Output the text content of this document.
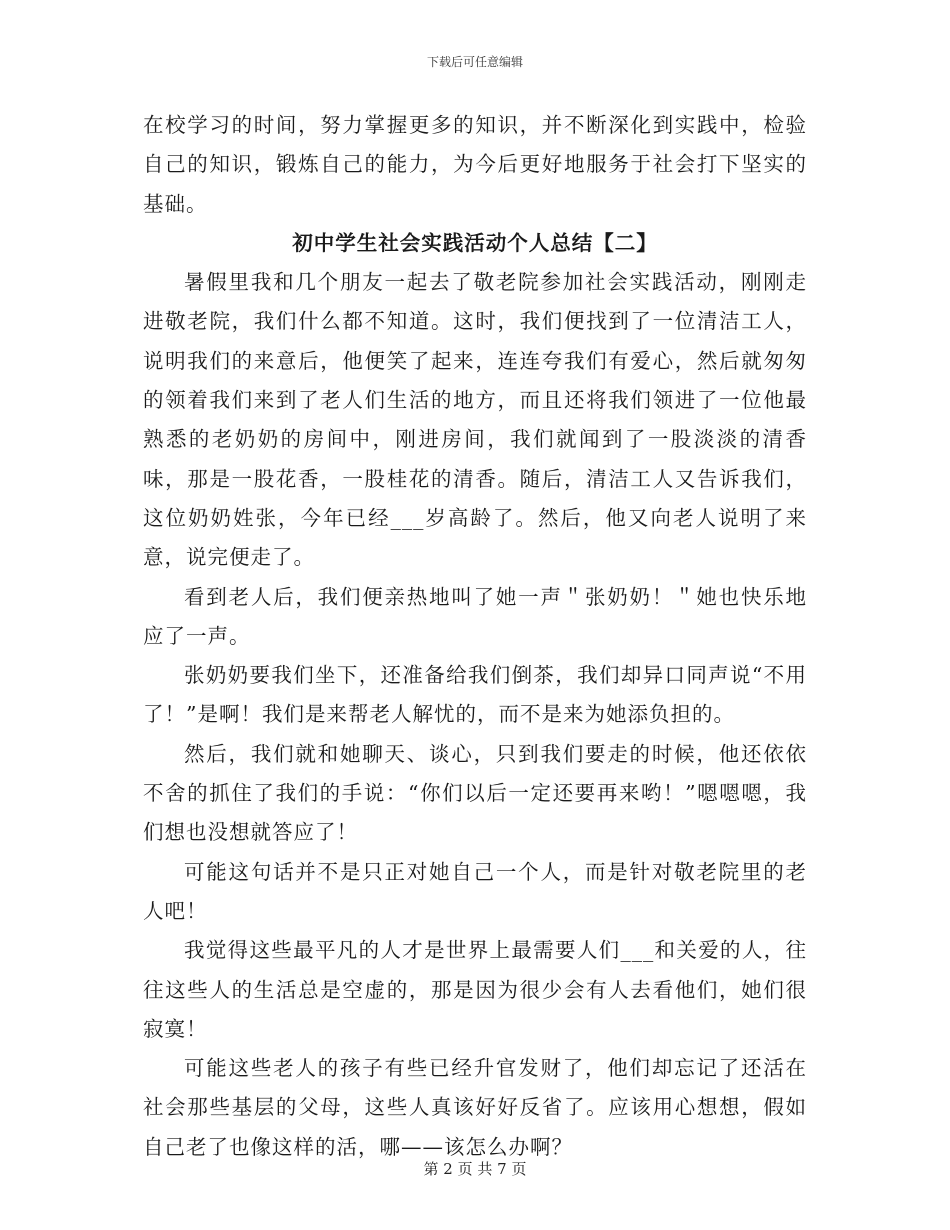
下载后可任意编辑

在校学习的时间，努力掌握更多的知识，并不断深化到实践中，检验自己的知识，锻炼自己的能力，为今后更好地服务于社会打下坚实的基础。

初中学生社会实践活动个人总结【二】

暑假里我和几个朋友一起去了敬老院参加社会实践活动，刚刚走进敬老院，我们什么都不知道。这时，我们便找到了一位清洁工人，说明我们的来意后，他便笑了起来，连连夸我们有爱心，然后就匆匆的领着我们来到了老人们生活的地方，而且还将我们领进了一位他最熟悉的老奶奶的房间中，刚进房间，我们就闻到了一股淡淡的清香味，那是一股花香，一股桂花的清香。随后，清洁工人又告诉我们，这位奶奶姓张，今年已经___岁高龄了。然后，他又向老人说明了来意，说完便走了。

看到老人后，我们便亲热地叫了她一声＂张奶奶！＂她也快乐地应了一声。

张奶奶要我们坐下，还准备给我们倒茶，我们却异口同声说“不用了！”是啊！我们是来帮老人解忧的，而不是来为她添负担的。

然后，我们就和她聊天、谈心，只到我们要走的时候，他还依依不舍的抓住了我们的手说：“你们以后一定还要再来哟！”嗯嗯嗯，我们想也没想就答应了！

可能这句话并不是只正对她自己一个人，而是针对敬老院里的老人吧！

我觉得这些最平凡的人才是世界上最需要人们___和关爱的人，往往这些人的生活总是空虚的，那是因为很少会有人去看他们，她们很寂寞！

可能这些老人的孩子有些已经升官发财了，他们却忘记了还活在社会那些基层的父母，这些人真该好好反省了。应该用心想想，假如自己老了也像这样的活，哪——该怎么办啊？

第 2 页 共 7 页
